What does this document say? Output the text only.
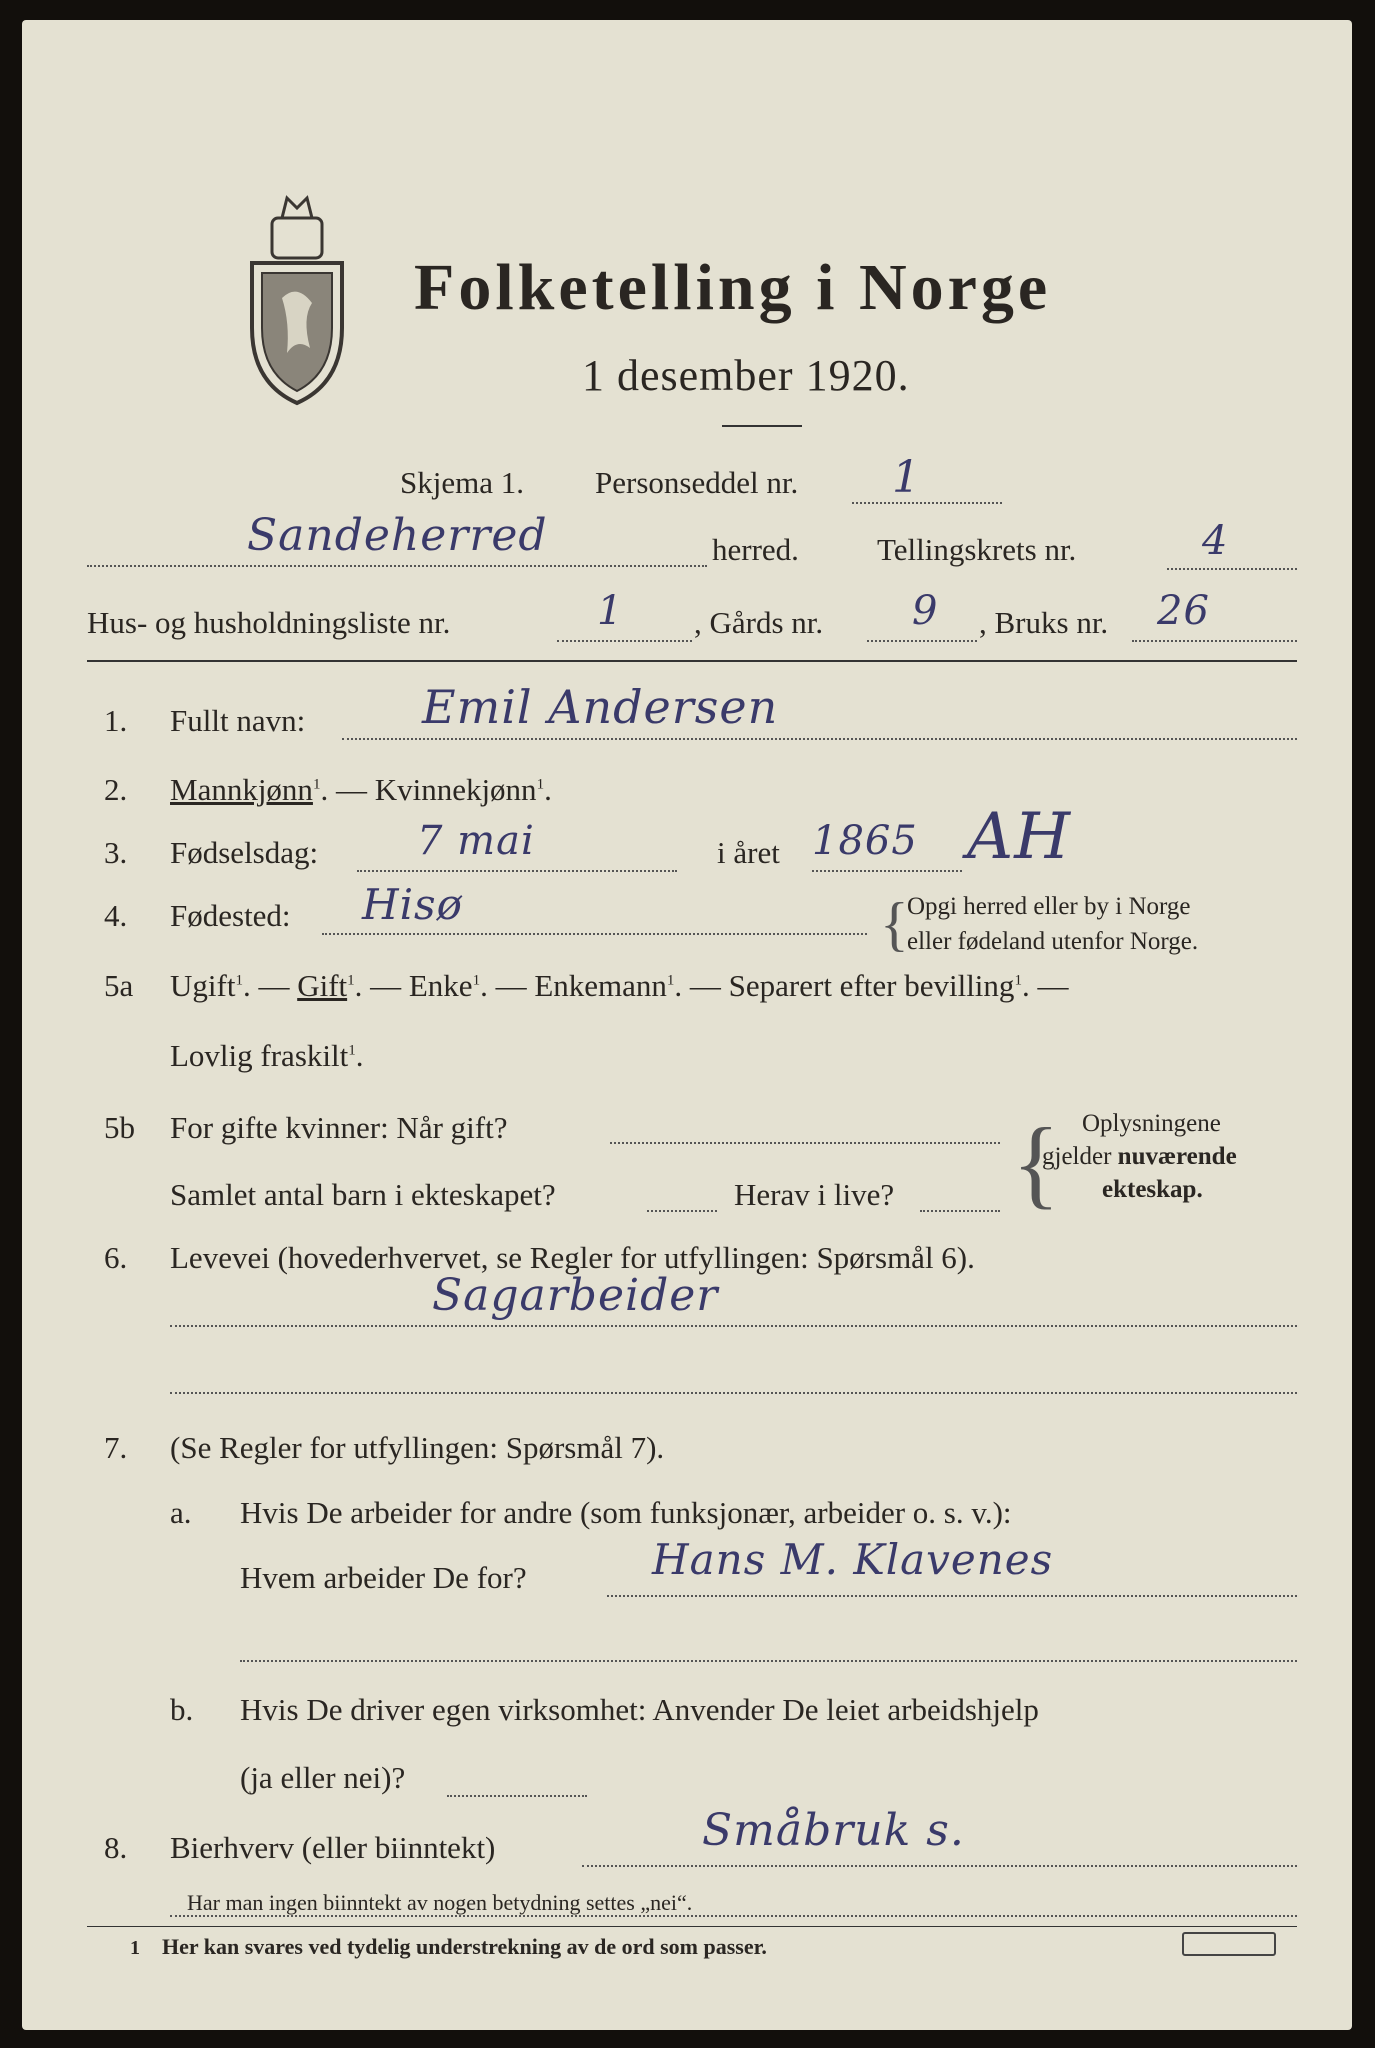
Folketelling i Norge
1 desember 1920.
Skjema 1. Personseddel nr. 1
Sandeherred	herred.	Tellingskrets nr.	4
Hus- og husholdningsliste nr.	1 , Gårds nr. 9 , Bruks nr. 26
1. Fullt navn:	Emil Andersen
2. Mannkjønn$^1$. — Kvinnekjønn$^1$.
3. Fødselsdag: 7 mai	i året 1865 AH
4. Fødested: Hisø	{
Opgi herred eller by i Norge
eller fødeland utenfor Norge.
5a Ugift$^1$. — Gift$^1$. — Enke$^1$. — Enkemann$^1$. — Separert efter bevilling$^1$. —
Lovlig fraskilt$^1$.
5b For gifte kvinner: Når gift?
Samlet antal barn i ekteskapet?	Herav i live? { Oplysningene
gjelder nuværende
ekteskap.
6. Levevei (hovederhvervet, se Regler for utfyllingen: Spørsmål 6).
Sagarbeider
7. (Se Regler for utfyllingen: Spørsmål 7).
a. Hvis De arbeider for andre (som funksjonær, arbeider o. s. v.):
Hvem arbeider De for?	Hans M. Klavenes
b. Hvis De driver egen virksomhet: Anvender De leiet arbeidshjelp
(ja eller nei)?
8. Bierhverv (eller biinntekt)	Småbruk s.
Har man ingen biinntekt av nogen betydning settes „nei“.
1 Her kan svares ved tydelig understrekning av de ord som passer.
